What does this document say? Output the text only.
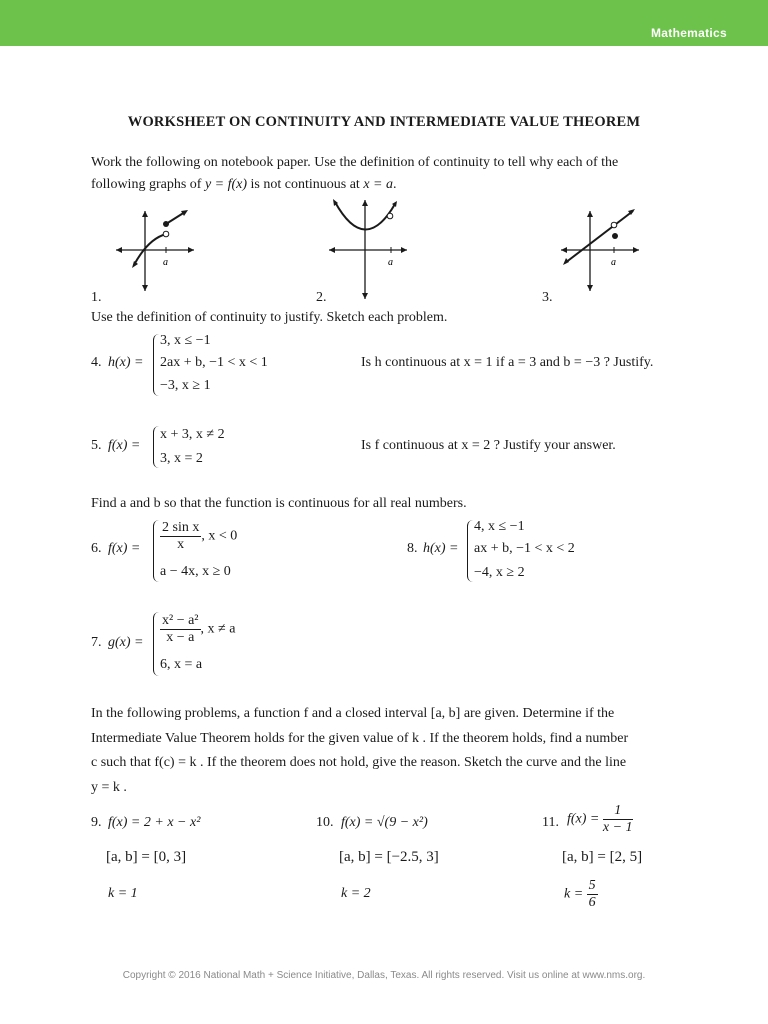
Mathematics
WORKSHEET ON CONTINUITY AND INTERMEDIATE VALUE THEOREM
Work the following on notebook paper. Use the definition of continuity to tell why each of the
following graphs of y = f(x) is not continuous at x = a.
a	a	a
1.	2.	3.
Use the definition of continuity to justify. Sketch each problem.
4. h(x) =
3, x ≤ −1
2ax + b, −1 < x < 1
−3, x ≥ 1
Is h continuous at x = 1 if a = 3 and b = −3 ? Justify.
5. f(x) =
x + 3, x ≠ 2
3, x = 2
Is f continuous at x = 2 ? Justify your answer.
Find a and b so that the function is continuous for all real numbers.
6. $f(x) = \frac{\text{2 sin x}}{x}$ , x < 0
a − 4x, x ≥ 0
8. h(x) =
4, x ≤ −1
ax + b, −1 < x < 2
−4, x ≥ 2
7. $g(x) = \frac{\text{x² − a²}}{x - a}$ , x ≠ a
6, x = a
In the following problems, a function f and a closed interval [a, b] are given. Determine if the
Intermediate Value Theorem holds for the given value of k . If the theorem holds, find a number
c such that f(c) = k . If the theorem does not hold, give the reason. Sketch the curve and the line
y = k .
9. f(x) = 2 + x − x²
[a, b] = [0, 3]
k = 1
10. f(x) = √(9 − x²)
[a, b] = [−2.5, 3]
k = 2
11. $f(x) = \frac{1}{x - 1}$
[a, b] = [2, 5]
$k = \frac{5}{6}$
Copyright © 2016 National Math + Science Initiative, Dallas, Texas. All rights reserved. Visit us online at www.nms.org.
